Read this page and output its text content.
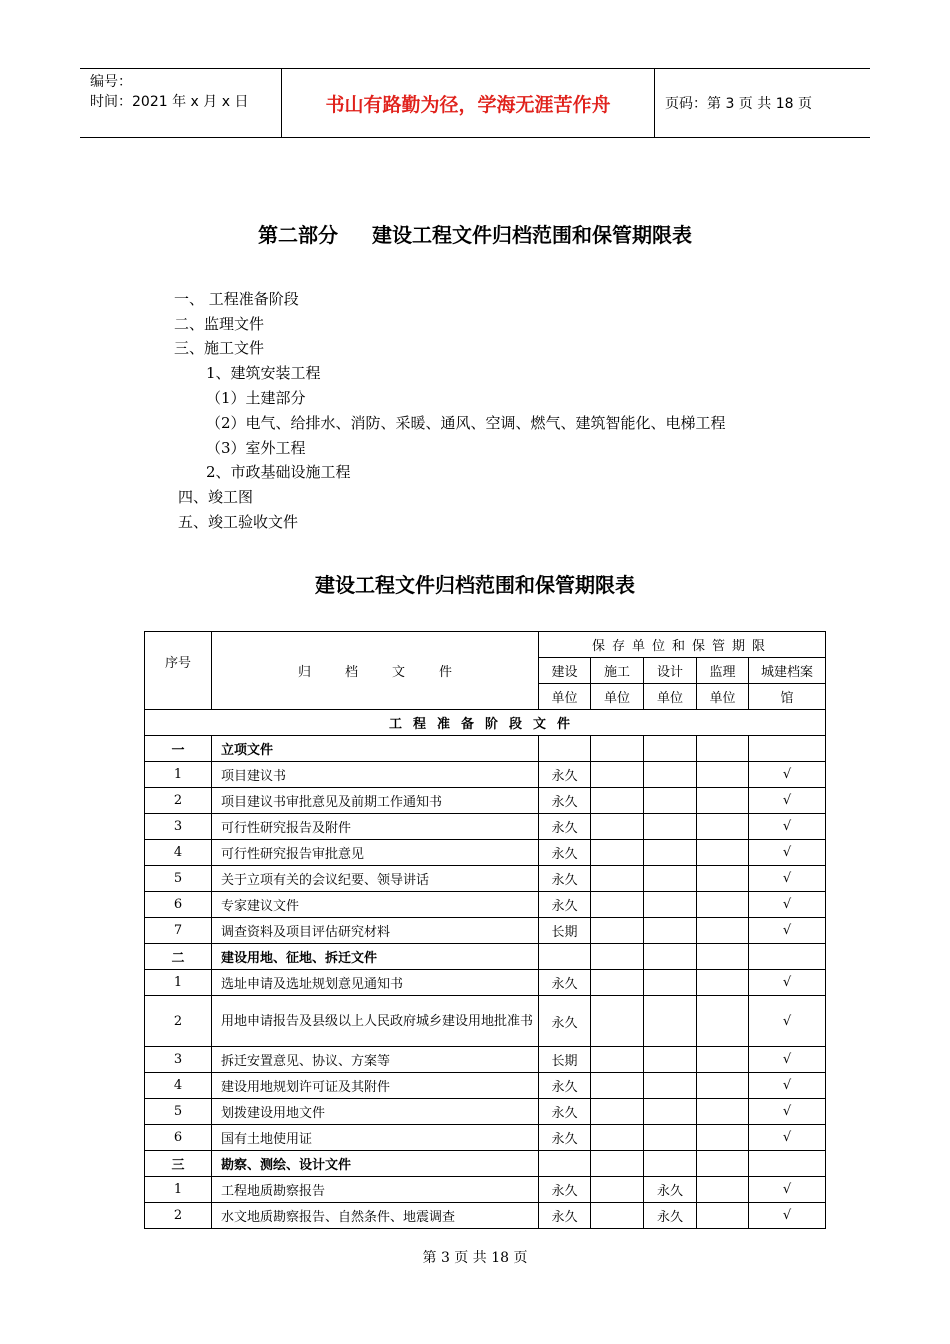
编号：
时间：2021 年 x 月 x 日	书山有路勤为径，学海无涯苦作舟	页码：第 3 页 共 18 页
第二部分 建设工程文件归档范围和保管期限表
一、 工程准备阶段
二、监理文件
三、施工文件
1、建筑安装工程
（1）土建部分
（2）电气、给排水、消防、采暖、通风、空调、燃气、建筑智能化、电梯工程
（3）室外工程
2、市政基础设施工程
四、竣工图
五、竣工验收文件
建设工程文件归档范围和保管期限表
序号	归 档 文 件	保存单位和保管期限				
		建设	施工	设计	监理	城建档案
		单位	单位	单位	单位	馆
工程准备阶段文件						
一	立项文件					
1	项目建议书	永久				√
2	项目建议书审批意见及前期工作通知书	永久				√
3	可行性研究报告及附件	永久				√
4	可行性研究报告审批意见	永久				√
5	关于立项有关的会议纪要、领导讲话	永久				√
6	专家建议文件	永久				√
7	调查资料及项目评估研究材料	长期				√
二	建设用地、征地、拆迁文件					
1	选址申请及选址规划意见通知书	永久				√
2	用地申请报告及县级以上人民政府城乡建设用地批准书	永久				√
3	拆迁安置意见、协议、方案等	长期				√
4	建设用地规划许可证及其附件	永久				√
5	划拨建设用地文件	永久				√
6	国有土地使用证	永久				√
三	勘察、测绘、设计文件					
1	工程地质勘察报告	永久		永久		√
2	水文地质勘察报告、自然条件、地震调查	永久		永久		√
第 3 页 共 18 页
